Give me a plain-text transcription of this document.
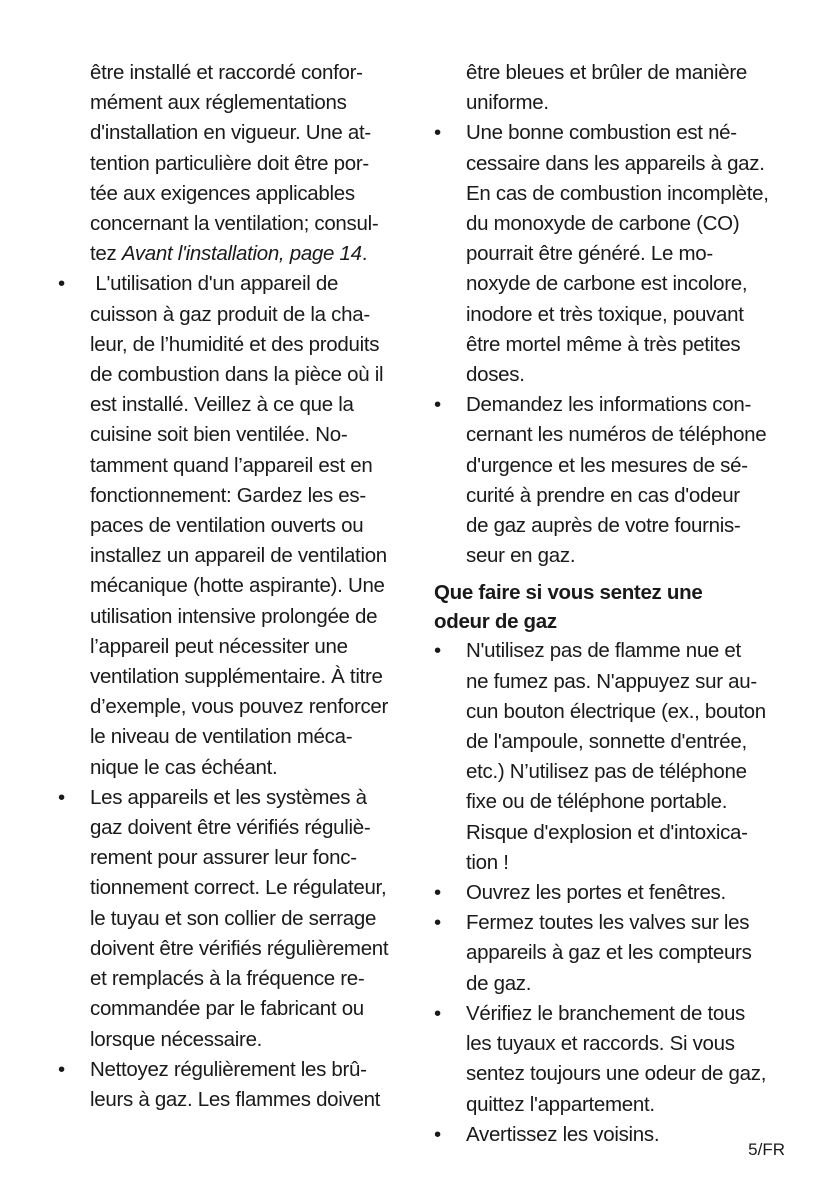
être installé et raccordé confor-
mément aux réglementations
d'installation en vigueur. Une at-
tention particulière doit être por-
tée aux exigences applicables
concernant la ventilation; consul-
tez Avant l'installation, page 14.
•	L'utilisation d'un appareil de
cuisson à gaz produit de la cha-
leur, de l’humidité et des produits
de combustion dans la pièce où il
est installé. Veillez à ce que la
cuisine soit bien ventilée. No-
tamment quand l’appareil est en
fonctionnement: Gardez les es-
paces de ventilation ouverts ou
installez un appareil de ventilation
mécanique (hotte aspirante). Une
utilisation intensive prolongée de
l’appareil peut nécessiter une
ventilation supplémentaire. À titre
d’exemple, vous pouvez renforcer
le niveau de ventilation méca-
nique le cas échéant.
•	Les appareils et les systèmes à
gaz doivent être vérifiés réguliè-
rement pour assurer leur fonc-
tionnement correct. Le régulateur,
le tuyau et son collier de serrage
doivent être vérifiés régulièrement
et remplacés à la fréquence re-
commandée par le fabricant ou
lorsque nécessaire.
•	Nettoyez régulièrement les brû-
leurs à gaz. Les flammes doivent
être bleues et brûler de manière
uniforme.
•	Une bonne combustion est né-
cessaire dans les appareils à gaz.
En cas de combustion incomplète,
du monoxyde de carbone (CO)
pourrait être généré. Le mo-
noxyde de carbone est incolore,
inodore et très toxique, pouvant
être mortel même à très petites
doses.
•	Demandez les informations con-
cernant les numéros de téléphone
d'urgence et les mesures de sé-
curité à prendre en cas d'odeur
de gaz auprès de votre fournis-
seur en gaz.
Que faire si vous sentez une
odeur de gaz
•	N'utilisez pas de flamme nue et
ne fumez pas. N'appuyez sur au-
cun bouton électrique (ex., bouton
de l'ampoule, sonnette d'entrée,
etc.) N’utilisez pas de téléphone
fixe ou de téléphone portable.
Risque d'explosion et d'intoxica-
tion !
•	Ouvrez les portes et fenêtres.
•	Fermez toutes les valves sur les
appareils à gaz et les compteurs
de gaz.
•	Vérifiez le branchement de tous
les tuyaux et raccords. Si vous
sentez toujours une odeur de gaz,
quittez l'appartement.
•	Avertissez les voisins.
5/FR
